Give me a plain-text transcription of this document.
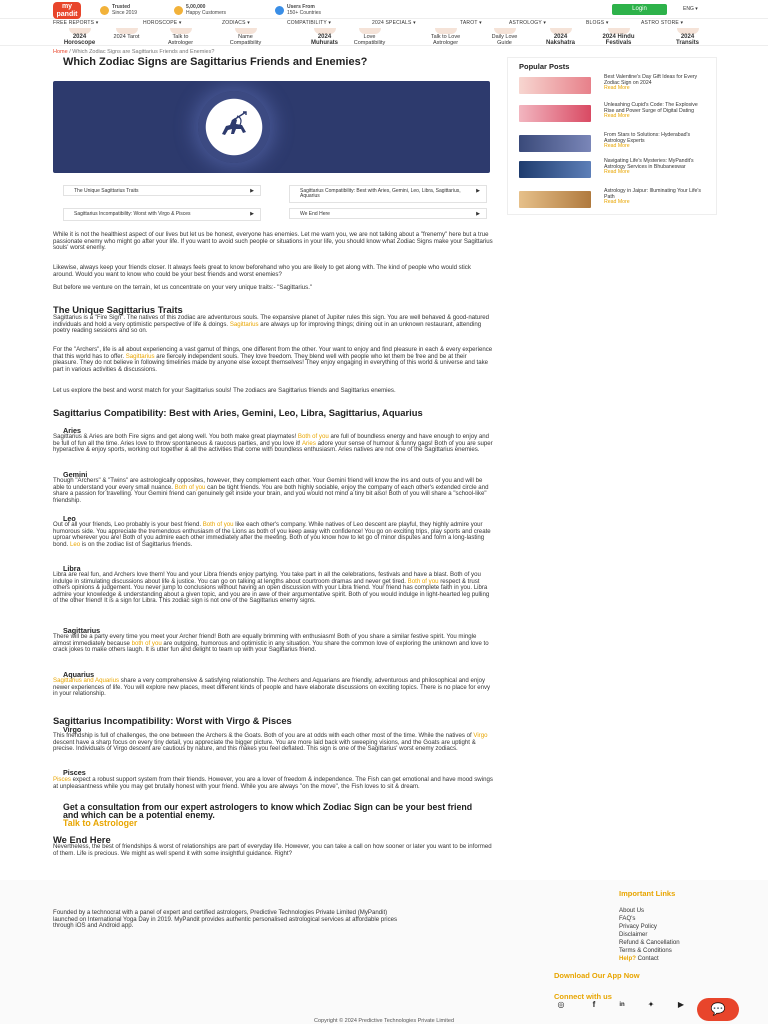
my
pandit
Trusted
Since 2019
5,00,000
Happy Customers
Users From
150+ Countries
Login	ENG ▾
FREE REPORTS ▾	HOROSCOPE ▾	ZODIACS ▾	COMPATIBILITY ▾	2024 SPECIALS ▾	TAROT ▾	ASTROLOGY ▾	BLOGS ▾	ASTRO STORE ▾
2024
Horoscope
2024 Tarot	Talk to
Astrologer
Name
Compatibility
2024
Muhurats
Love
Compatibility
Talk to Love
Astrologer
Daily Love
Guide
2024
Nakshatra
2024 Hindu
Festivals
2024
Transits
Home / Which Zodiac Signs are Sagittarius Friends and Enemies?
Which Zodiac Signs are Sagittarius Friends and Enemies?
The Unique Sagittarius Traits	▶	Sagittarius Compatibility: Best with Aries, Gemini, Leo, Libra, Sagittarius, Aquarius
▶
Sagittarius Incompatibility: Worst with Virgo & Pisces	▶	We End Here	▶

While it is not the healthiest aspect of our lives but let us be honest, everyone has enemies. Let me warn you, we are not talking about a "frenemy" here but a true passionate enemy who might go after your life. If you want to avoid such people or situations in your life, you should know what Zodiac Signs make your Sagittarius souls' worst enemy.

Likewise, always keep your friends closer. It always feels great to know beforehand who you are likely to get along with. The kind of people who would stick around. Would you want to know who could be your best friends and worst enemies?

But before we venture on the terrain, let us concentrate on your very unique traits:- "Sagittarius."

The Unique Sagittarius Traits

Sagittarius is a "Fire Sign". The natives of this zodiac are adventurous souls. The expansive planet of Jupiter rules this sign. You are well behaved & good-natured individuals and hold a very optimistic perspective of life & doings. Sagittarius are always up for improving things; dining out in an unknown restaurant, attending poetry reading sessions and so on.

For the "Archers", life is all about experiencing a vast gamut of things, one different from the other. Your want to enjoy and find pleasure in each & every experience that this world has to offer. Sagittarius are fiercely independent souls. They love freedom. They blend well with people who let them be free and be at their pleasure. They do not believe in following timelines made by anyone else except themselves! They enjoy engaging in everything of this world & universe and take part in various activities & discussions.

Let us explore the best and worst match for your Sagittarius souls! The zodiacs are Sagittarius friends and Sagittarius enemies.

Sagittarius Compatibility: Best with Aries, Gemini, Leo, Libra, Sagittarius, Aquarius
Aries

Sagittarius & Aries are both Fire signs and get along well. You both make great playmates! Both of you are full of boundless energy and have enough to enjoy and be full of fun all the time. Aries love to throw spontaneous & raucous parties, and you love it! Aries adore your sense of humour & funny gags! Both of you are super hyperactive & enjoy sports, working out together & all the activities that come with boundless enthusiasm. Aries natives are not one of the Sagittarius enemies.

Gemini

Though "Archers" & "Twins" are astrologically opposites, however, they complement each other. Your Gemini friend will know the ins and outs of you and will be able to understand your every small nuance. Both of you can be tight friends. You are both highly sociable, enjoy the company of each other's extended circle and share a passion for travelling. Your Gemini friend can genuinely get inside your brain, and you would not mind a tiny bit also! Both of you will share a "school-like" friendship.

Leo

Out of all your friends, Leo probably is your best friend. Both of you like each other's company. While natives of Leo descent are playful, they highly admire your humorous side. You appreciate the tremendous enthusiasm of the Lions as both of you keep away with confidence! You go on exciting trips, play sports and create uproar wherever you are! Both of you admire each other immediately after the meeting. Both of you know how to let go of minor disputes and form a long-lasting bond. Leo is on the zodiac list of Sagittarius friends.

Libra

Libra are real fun, and Archers love them! You and your Libra friends enjoy partying. You take part in all the celebrations, festivals and have a blast. Both of you indulge in stimulating discussions about life & justice. You can go on talking at lengths about courtroom dramas and never get tired. Both of you respect & trust others opinions & judgement. You never jump to conclusions without having an open discussion with your Libra friend. Your friend has complete faith in you. Libra admire your knowledge & understanding about a given topic, and you are in awe of their argumentative spirit. Both of you would indulge in light-hearted leg pulling of the other friend! It is a sign for Libra. This zodiac sign is not one of the Sagittarius enemy signs.

Sagittarius

There will be a party every time you meet your Archer friend! Both are equally brimming with enthusiasm! Both of you share a similar festive spirit. You mingle almost immediately because both of you are outgoing, humorous and optimistic in any situation. You share the common love of exploring the unknown and love to crack jokes to make others laugh. It is utter fun and delight to team up with your Sagittarius friend.

Aquarius

Sagittarius and Aquarius share a very comprehensive & satisfying relationship. The Archers and Aquarians are friendly, adventurous and philosophical and enjoy newer experiences of life. You will explore new places, meet different kinds of people and have elaborate discussions on exciting topics. There is no place for envy in your relationship.

Sagittarius Incompatibility: Worst with Virgo & Pisces
Virgo

This friendship is full of challenges, the one between the Archers & the Goats. Both of you are at odds with each other most of the time. While the natives of Virgo descent have a sharp focus on every tiny detail, you appreciate the bigger picture. You are more laid back with sweeping visions, and the Goats are uptight & precise. Individuals of Virgo descent are cautious by nature, and this makes you feel deflated. This sign is one of the Sagittarius' worst enemy zodiacs.

Pisces

Pisces expect a robust support system from their friends. However, you are a lover of freedom & independence. The Fish can get emotional and have mood swings at unpleasantness while you may get brutally honest with your friend. While you are always "on the move", the Fish loves to sit & dream.

Get a consultation from our expert astrologers to know which Zodiac Sign can be your best friend and which can be a potential enemy.
Talk to Astrologer
We End Here

Nevertheless, the best of friendships & worst of relationships are part of everyday life. However, you can take a call on how sooner or later you want to be informed of them. Life is precious. We might as well spend it with some insightful guidance. Right?

Popular Posts
Best Valentine's Day Gift Ideas for Every Zodiac Sign on 2024
Read More
Unleashing Cupid's Code: The Explosive Rise and Power Surge of Digital Dating
Read More
From Stars to Solutions: Hyderabad's Astrology Experts
Read More
Navigating Life's Mysteries: MyPandit's Astrology Services in Bhubaneswar
Read More
Astrology in Jaipur: Illuminating Your Life's Path
Read More

Founded by a technocrat with a panel of expert and certified astrologers, Predictive Technologies Private Limited (MyPandit) launched on International Yoga Day in 2019. MyPandit provides authentic personalised astrological services at affordable prices through iOS and Android app.

Important Links
About Us
FAQ's
Privacy Policy
Disclaimer
Refund & Cancellation
Terms & Conditions
Help? Contact
Download Our App Now
Connect with us
◎	f	in	✦	▶
Copyright © 2024 Predictive Technologies Private Limited
💬
